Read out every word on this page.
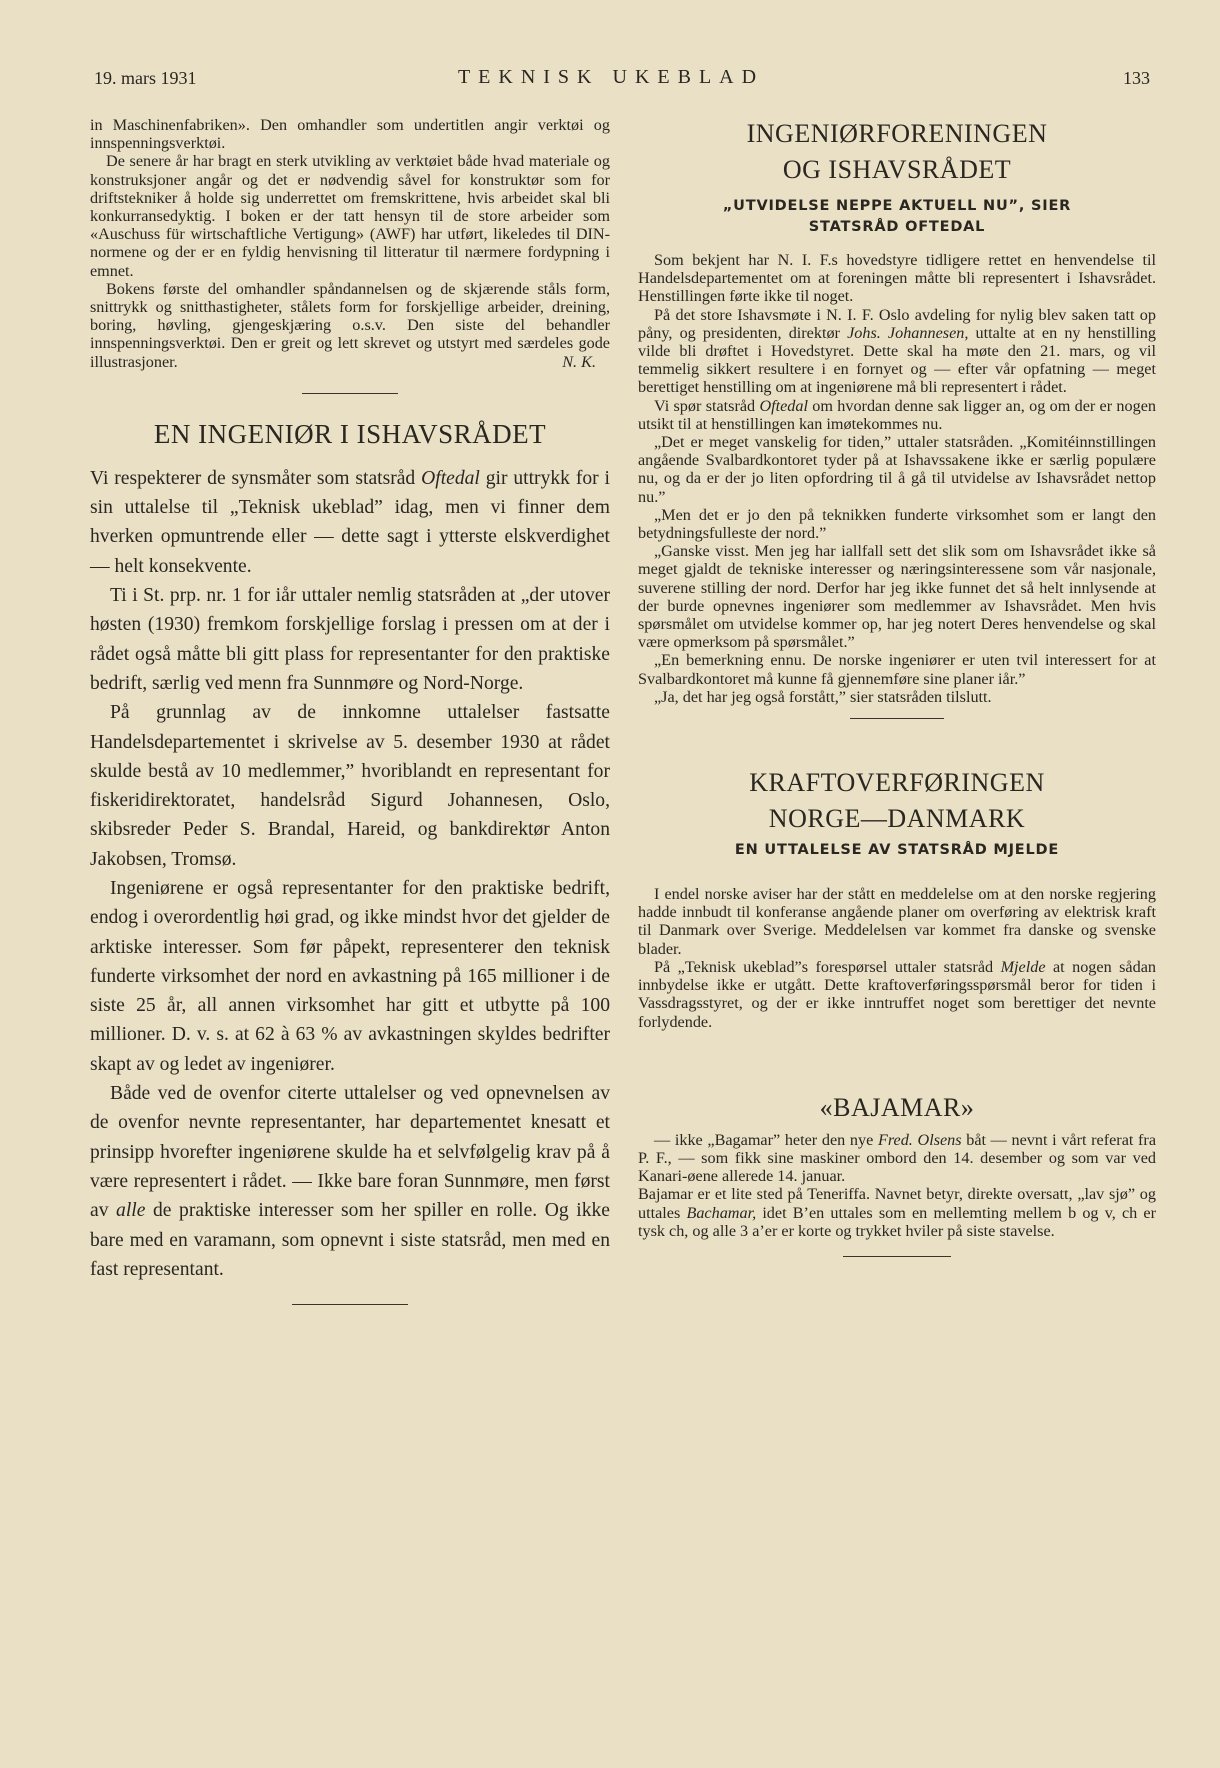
19. mars 1931	TEKNISK UKEBLAD	133

in Maschinenfabriken». Den omhandler som undertitlen angir verktøi og innspenningsverktøi.

De senere år har bragt en sterk utvikling av verktøiet både hvad materiale og konstruksjoner angår og det er nødvendig såvel for konstruktør som for driftstekniker å holde sig underrettet om fremskrittene, hvis arbeidet skal bli konkurransedyktig. I boken er der tatt hensyn til de store arbeider som «Auschuss für wirtschaftliche Vertigung» (AWF) har utført, likeledes til DIN-normene og der er en fyldig henvisning til litteratur til nærmere fordypning i emnet.

Bokens første del omhandler spåndannelsen og de skjærende ståls form, snittrykk og snitthastigheter, stålets form for forskjellige arbeider, dreining, boring, høvling, gjengeskjæring o.s.v. Den siste del behandler innspenningsverktøi. Den er greit og lett skrevet og utstyrt med særdeles gode illustrasjoner.	N. K.

EN INGENIØR I ISHAVSRÅDET

Vi respekterer de synsmåter som statsråd Oftedal gir uttrykk for i sin uttalelse til „Teknisk ukeblad” idag, men vi finner dem hverken opmuntrende eller — dette sagt i ytterste elskverdighet — helt konsekvente.

Ti i St. prp. nr. 1 for iår uttaler nemlig statsråden at „der utover høsten (1930) fremkom forskjellige forslag i pressen om at der i rådet også måtte bli gitt plass for representanter for den praktiske bedrift, særlig ved menn fra Sunnmøre og Nord-Norge.

På grunnlag av de innkomne uttalelser fastsatte Handelsdepartementet i skrivelse av 5. desember 1930 at rådet skulde bestå av 10 medlemmer,” hvoriblandt en representant for fiskeridirektoratet, handelsråd Sigurd Johannesen, Oslo, skibsreder Peder S. Brandal, Hareid, og bankdirektør Anton Jakobsen, Tromsø.

Ingeniørene er også representanter for den praktiske bedrift, endog i overordentlig høi grad, og ikke mindst hvor det gjelder de arktiske interesser. Som før påpekt, representerer den teknisk funderte virksomhet der nord en avkastning på 165 millioner i de siste 25 år, all annen virksomhet har gitt et utbytte på 100 millioner. D. v. s. at 62 à 63 % av avkastningen skyldes bedrifter skapt av og ledet av ingeniører.

Både ved de ovenfor citerte uttalelser og ved opnevnelsen av de ovenfor nevnte representanter, har departementet knesatt et prinsipp hvorefter ingeniørene skulde ha et selvfølgelig krav på å være representert i rådet. — Ikke bare foran Sunnmøre, men først av alle de praktiske interesser som her spiller en rolle. Og ikke bare med en varamann, som opnevnt i siste statsråd, men med en fast representant.

INGENIØRFORENINGEN
OG ISHAVSRÅDET
„UTVIDELSE NEPPE AKTUELL NU”, SIER STATSRÅD OFTEDAL

Som bekjent har N. I. F.s hovedstyre tidligere rettet en henvendelse til Handelsdepartementet om at foreningen måtte bli representert i Ishavsrådet. Henstillingen førte ikke til noget.

På det store Ishavsmøte i N. I. F. Oslo avdeling for nylig blev saken tatt op påny, og presidenten, direktør Johs. Johannesen, uttalte at en ny henstilling vilde bli drøftet i Hovedstyret. Dette skal ha møte den 21. mars, og vil temmelig sikkert resultere i en fornyet og — efter vår opfatning — meget berettiget henstilling om at ingeniørene må bli representert i rådet.

Vi spør statsråd Oftedal om hvordan denne sak ligger an, og om der er nogen utsikt til at henstillingen kan imøtekommes nu.

„Det er meget vanskelig for tiden,” uttaler statsråden. „Komitéinnstillingen angående Svalbardkontoret tyder på at Ishavssakene ikke er særlig populære nu, og da er der jo liten opfordring til å gå til utvidelse av Ishavsrådet nettop nu.”

„Men det er jo den på teknikken funderte virksomhet som er langt den betydningsfulleste der nord.”

„Ganske visst. Men jeg har iallfall sett det slik som om Ishavsrådet ikke så meget gjaldt de tekniske interesser og næringsinteressene som vår nasjonale, suverene stilling der nord. Derfor har jeg ikke funnet det så helt innlysende at der burde opnevnes ingeniører som medlemmer av Ishavsrådet. Men hvis spørsmålet om utvidelse kommer op, har jeg notert Deres henvendelse og skal være opmerksom på spørsmålet.”

„En bemerkning ennu. De norske ingeniører er uten tvil interessert for at Svalbardkontoret må kunne få gjennemføre sine planer iår.”

„Ja, det har jeg også forstått,” sier statsråden tilslutt.

KRAFTOVERFØRINGEN
NORGE—DANMARK
EN UTTALELSE AV STATSRÅD MJELDE

I endel norske aviser har der stått en meddelelse om at den norske regjering hadde innbudt til konferanse angående planer om overføring av elektrisk kraft til Danmark over Sverige. Meddelelsen var kommet fra danske og svenske blader.

På „Teknisk ukeblad”s forespørsel uttaler statsråd Mjelde at nogen sådan innbydelse ikke er utgått. Dette kraftoverføringsspørsmål beror for tiden i Vassdragsstyret, og der er ikke inntruffet noget som berettiger det nevnte forlydende.

«BAJAMAR»

— ikke „Bagamar” heter den nye Fred. Olsens båt — nevnt i vårt referat fra P. F., — som fikk sine maskiner ombord den 14. desember og som var ved Kanari-øene allerede 14. januar.

Bajamar er et lite sted på Teneriffa. Navnet betyr, direkte oversatt, „lav sjø” og uttales Bachamar, idet B’en uttales som en mellemting mellem b og v, ch er tysk ch, og alle 3 a’er er korte og trykket hviler på siste stavelse.
